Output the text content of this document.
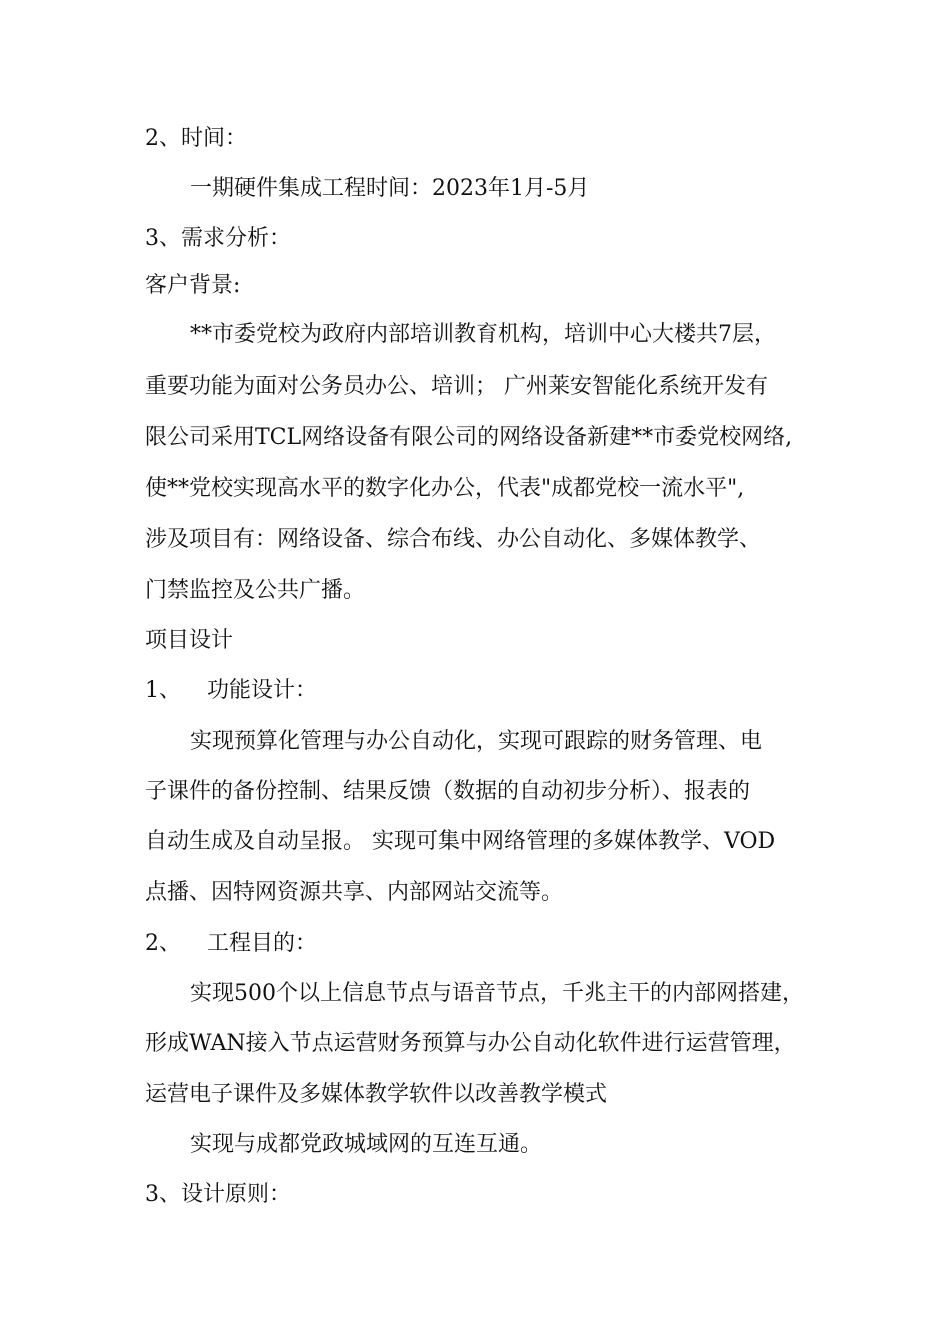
2、时间：
一期硬件集成工程时间：2023年1月-5月
3、需求分析：
客户背景:
**市委党校为政府内部培训教育机构，培训中心大楼共7层，
重要功能为面对公务员办公、培训； 广州莱安智能化系统开发有
限公司采用TCL网络设备有限公司的网络设备新建**市委党校网络,
使**党校实现高水平的数字化办公，代表"成都党校一流水平",
涉及项目有：网络设备、综合布线、办公自动化、多媒体教学、
门禁监控及公共广播。
项目设计
1、 功能设计：
实现预算化管理与办公自动化，实现可跟踪的财务管理、电
子课件的备份控制、结果反馈（数据的自动初步分析）、报表的
自动生成及自动呈报。 实现可集中网络管理的多媒体教学、VOD
点播、因特网资源共享、内部网站交流等。
2、 工程目的：
实现500个以上信息节点与语音节点，千兆主干的内部网搭建，
形成WAN接入节点运营财务预算与办公自动化软件进行运营管理，
运营电子课件及多媒体教学软件以改善教学模式
实现与成都党政城域网的互连互通。
3、设计原则：
